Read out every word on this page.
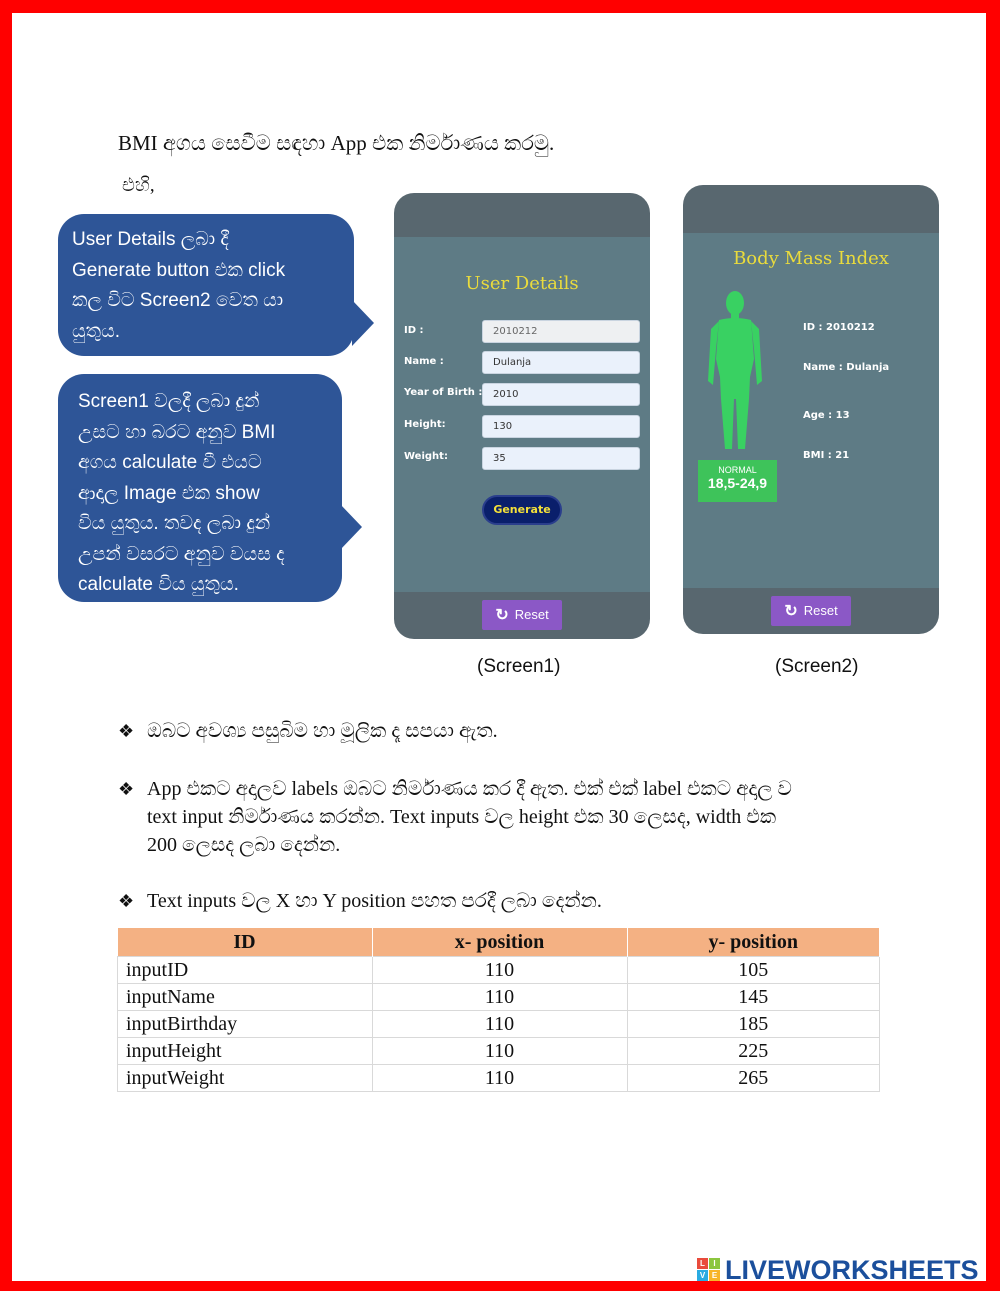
BMI අගය සෙවීම සඳහා App එක නිර්මාණය කරමු.
එහි,
User Details ලබා දී
Generate button එක click
කල විට Screen2 වෙත යා
යුතුය.
Screen1 වලදී ලබා දුන්
උසට හා බරට අනුව BMI
අගය calculate වී එයට
ආදාල Image එක show
විය යුතුය. තවද ලබා දුන්
උපන් වසරට අනුව වයස ද
calculate විය යුතුය.
User Details
ID :	2010212
Name :	Dulanja
Year of Birth :	2010
Height:	130
Weight:	35
Generate
↻ Reset
Body Mass Index
NORMAL
18,5-24,9
ID : 2010212
Name : Dulanja
Age : 13
BMI : 21
↻ Reset
(Screen1)	(Screen2)
❖ ඔබට අවශ්‍ය පසුබිම හා මූලික දෑ සපයා ඇත.
❖ App එකට අදාලව labels ඔබට නිර්මාණය කර දී ඇත. එක් එක් label එකට අදාල ව
text input නිර්මාණය කරන්න. Text inputs වල height එක 30 ලෙසද, width එක
200 ලෙසද ලබා දෙන්න.
❖ Text inputs වල X හා Y position පහත පරදී ලබා දෙන්න.
ID	x- position	y- position
inputID	110	105
inputName	110	145
inputBirthday	110	185
inputHeight	110	225
inputWeight	110	265
L	I
V E LIVEWORKSHEETS
